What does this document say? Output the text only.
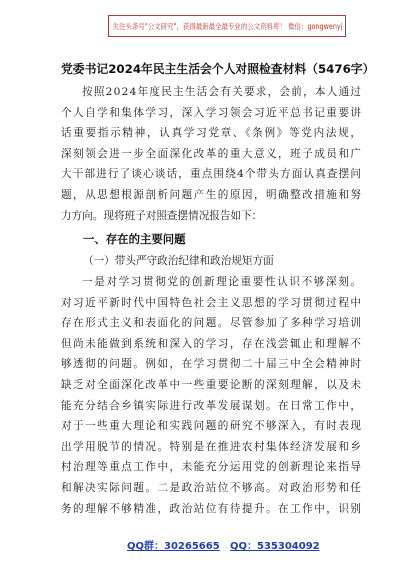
关注头条号"公文研究"，获得最新最全最专业的公文资料库！ 微信：gongwenyj
党委书记2024年民主生活会个人对照检查材料（5476字）
按照2024年度民主生活会有关要求，会前，本人通过
个人自学和集体学习，深入学习领会习近平总书记重要讲
话重要指示精神，认真学习党章、《条例》等党内法规，
深刻领会进一步全面深化改革的重大意义，班子成员和广
大干部进行了谈心谈话，重点围绕4个带头方面认真查摆问
题，从思想根源剖析问题产生的原因，明确整改措施和努
力方向。现将班子对照查摆情况报告如下：
一、存在的主要问题
（一）带头严守政治纪律和政治规矩方面
一是对学习贯彻党的创新理论重要性认识不够深刻。
对习近平新时代中国特色社会主义思想的学习贯彻过程中
存在形式主义和表面化的问题。尽管参加了多种学习培训
但尚未能做到系统和深入的学习，存在浅尝辄止和理解不
够透彻的问题。例如，在学习贯彻二十届三中全会精神时
缺乏对全面深化改革中一些重要论断的深刻理解，以及未
能充分结合乡镇实际进行改革发展谋划。在日常工作中，
对于一些重大理论和实践问题的研究不够深入，有时表现
出学用脱节的情况。特别是在推进农村集体经济发展和乡
村治理等重点工作中，未能充分运用党的创新理论来指导
和解决实际问题。二是政治站位不够高。对政治形势和任
务的理解不够精准，政治站位有待提升。在工作中，识别
QQ群：30265665 QQ：535304092
